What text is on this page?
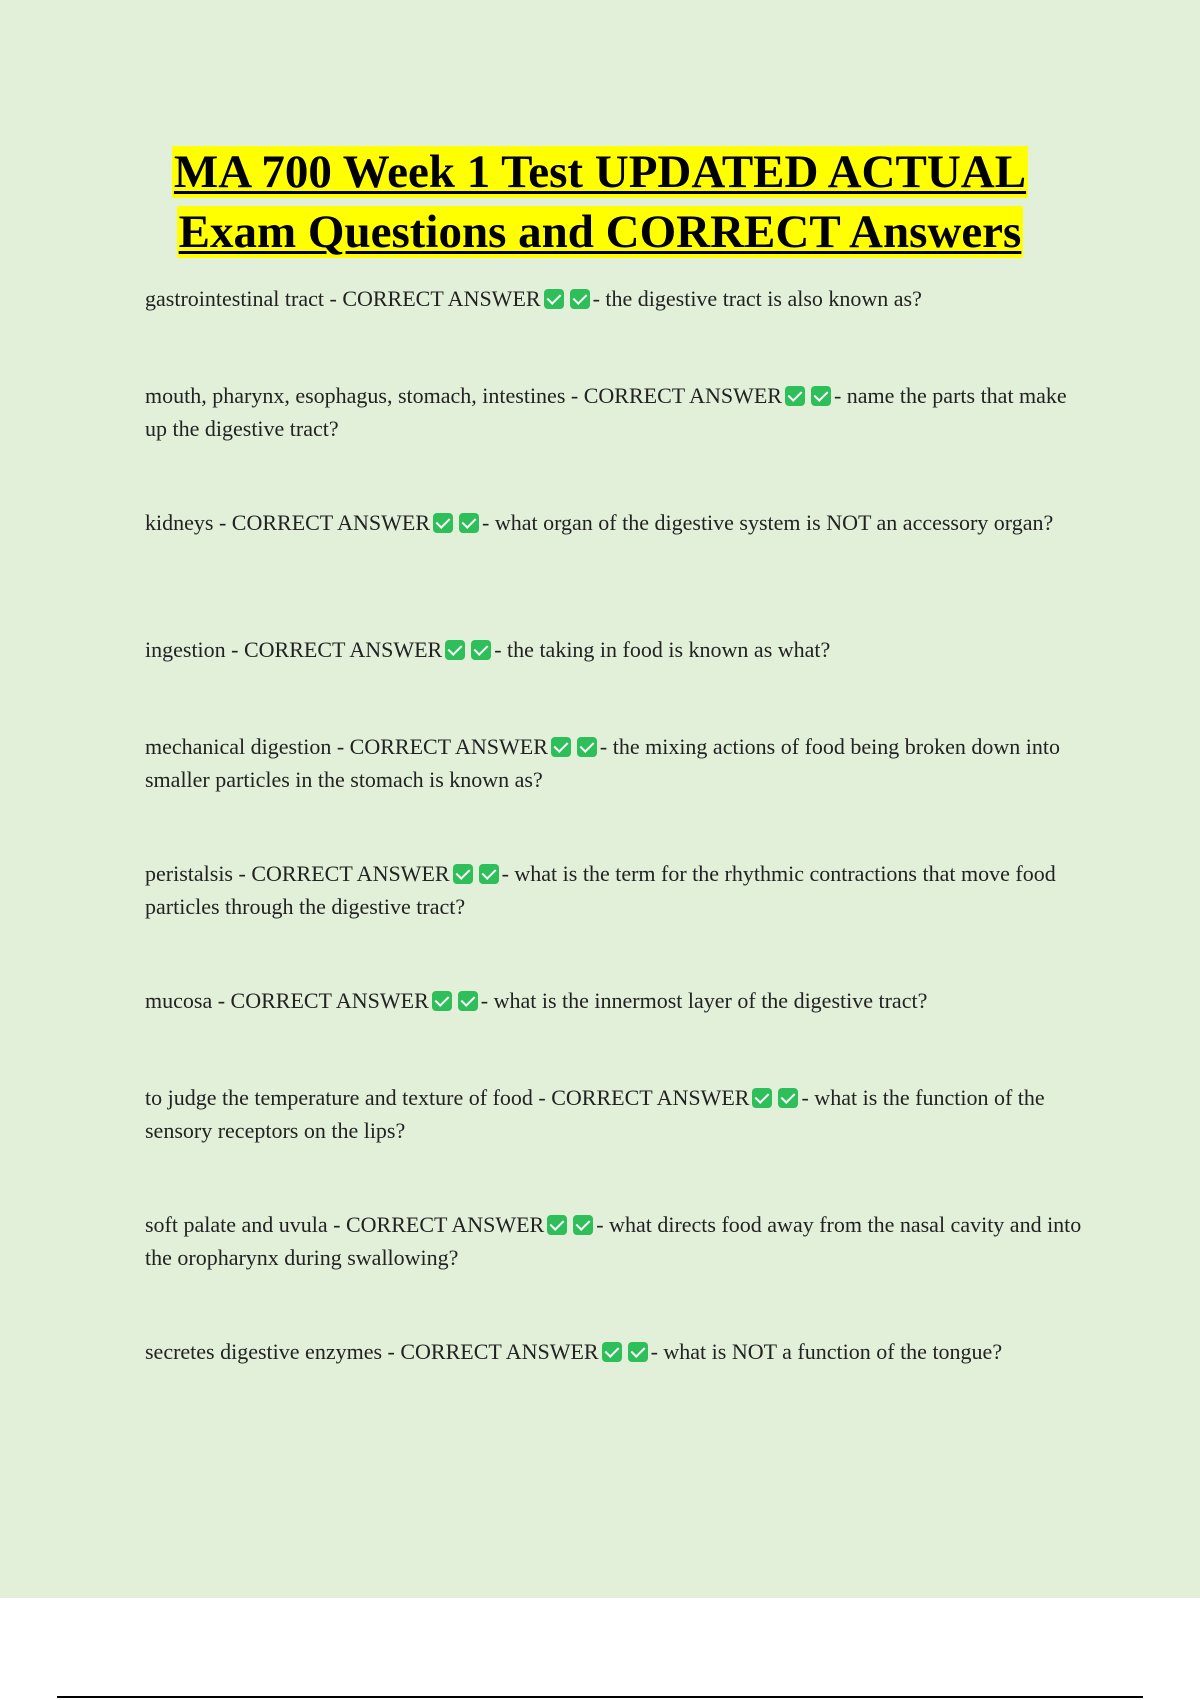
MA 700 Week 1 Test UPDATED ACTUAL
Exam Questions and CORRECT Answers
gastrointestinal tract - CORRECT ANSWER - the digestive tract is also known as?
mouth, pharynx, esophagus, stomach, intestines - CORRECT ANSWER - name the parts that make up the digestive tract?
kidneys - CORRECT ANSWER - what organ of the digestive system is NOT an accessory organ?
ingestion - CORRECT ANSWER - the taking in food is known as what?
mechanical digestion - CORRECT ANSWER - the mixing actions of food being broken down into smaller particles in the stomach is known as?
peristalsis - CORRECT ANSWER - what is the term for the rhythmic contractions that move food particles through the digestive tract?
mucosa - CORRECT ANSWER - what is the innermost layer of the digestive tract?
to judge the temperature and texture of food - CORRECT ANSWER - what is the function of the sensory receptors on the lips?
soft palate and uvula - CORRECT ANSWER - what directs food away from the nasal cavity and into the oropharynx during swallowing?
secretes digestive enzymes - CORRECT ANSWER - what is NOT a function of the tongue?
